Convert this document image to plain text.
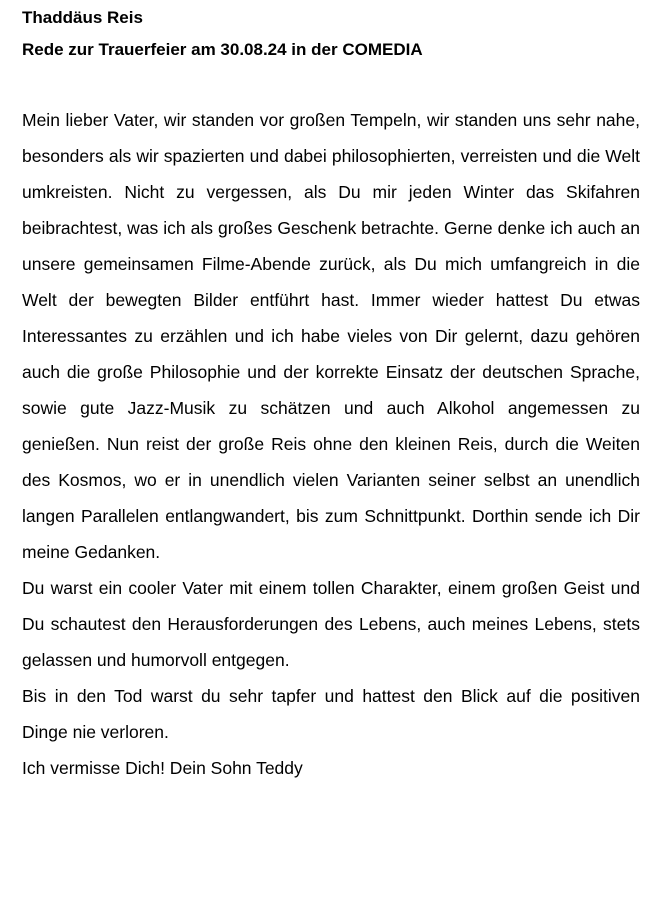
Thaddäus Reis
Rede zur Trauerfeier am 30.08.24 in der COMEDIA

Mein lieber Vater, wir standen vor großen Tempeln, wir standen uns sehr nahe, besonders als wir spazierten und dabei philosophierten, verreisten und die Welt umkreisten. Nicht zu vergessen, als Du mir jeden Winter das Skifahren beibrachtest, was ich als großes Geschenk betrachte. Gerne denke ich auch an unsere gemeinsamen Filme-Abende zurück, als Du mich umfangreich in die Welt der bewegten Bilder entführt hast. Immer wieder hattest Du etwas Interessantes zu erzählen und ich habe vieles von Dir gelernt, dazu gehören auch die große Philosophie und der korrekte Einsatz der deutschen Sprache, sowie gute Jazz-Musik zu schätzen und auch Alkohol angemessen zu genießen. Nun reist der große Reis ohne den kleinen Reis, durch die Weiten des Kosmos, wo er in unendlich vielen Varianten seiner selbst an unendlich langen Parallelen entlangwandert, bis zum Schnittpunkt. Dorthin sende ich Dir meine Gedanken.

Du warst ein cooler Vater mit einem tollen Charakter, einem großen Geist und Du schautest den Herausforderungen des Lebens, auch meines Lebens, stets gelassen und humorvoll entgegen.

Bis in den Tod warst du sehr tapfer und hattest den Blick auf die positiven Dinge nie verloren.

Ich vermisse Dich! Dein Sohn Teddy
